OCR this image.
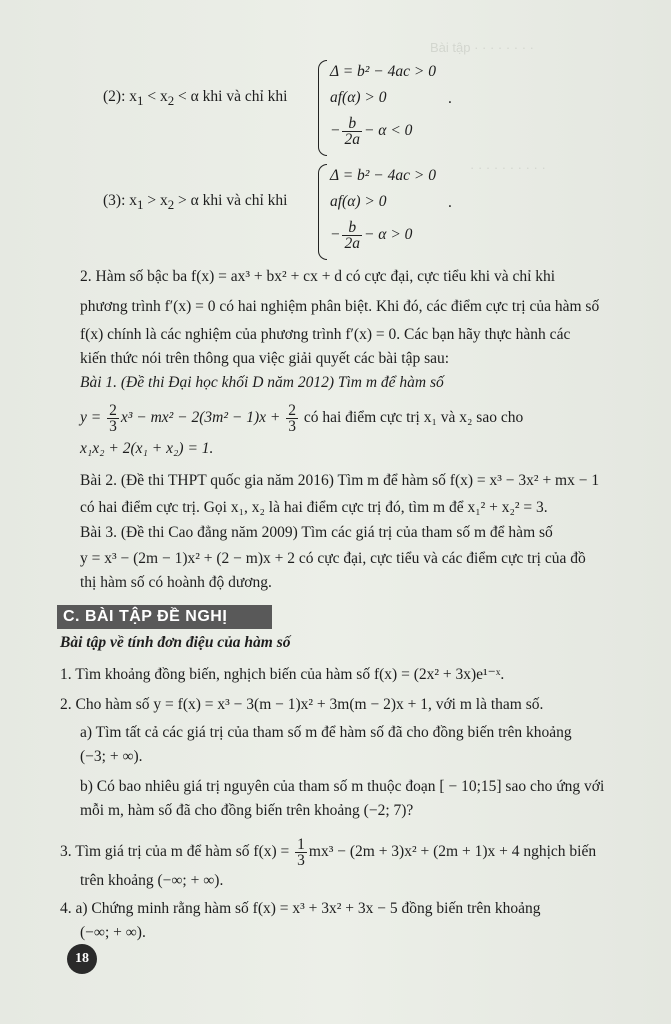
Bài tập · · · · · · · ·
· · · · · · · · · ·
(2): $x_1 < x_2 < \alpha$ khi và chỉ khi
Δ = b² − 4ac > 0
af(α) > 0
− $\frac{b}{2a} - \alpha < 0$
.
(3): $x_1 > x_2 > \alpha$ khi và chỉ khi
Δ = b² − 4ac > 0
af(α) > 0
− $\frac{b}{2a} - \alpha > 0$
.
2. Hàm số bậc ba f(x) = ax³ + bx² + cx + d có cực đại, cực tiểu khi và chỉ khi
phương trình f′(x) = 0 có hai nghiệm phân biệt. Khi đó, các điểm cực trị của hàm số
f(x) chính là các nghiệm của phương trình f′(x) = 0. Các bạn hãy thực hành các
kiến thức nói trên thông qua việc giải quyết các bài tập sau:
Bài 1. (Đề thi Đại học khối D năm 2012) Tìm m để hàm số
$y = \frac{2}{3} x^3 - mx^2 - 2(3m^2 - 1)x + \frac{2}{3}$ có hai điểm cực trị x₁ và x₂ sao cho
x₁x₂ + 2(x₁ + x₂) = 1.
Bài 2. (Đề thi THPT quốc gia năm 2016) Tìm m để hàm số f(x) = x³ − 3x² + mx − 1
có hai điểm cực trị. Gọi x₁, x₂ là hai điểm cực trị đó, tìm m để x₁² + x₂² = 3.
Bài 3. (Đề thi Cao đẳng năm 2009) Tìm các giá trị của tham số m để hàm số
y = x³ − (2m − 1)x² + (2 − m)x + 2 có cực đại, cực tiểu và các điểm cực trị của đồ
thị hàm số có hoành độ dương.
C. BÀI TẬP ĐỀ NGHỊ
Bài tập về tính đơn điệu của hàm số
1. Tìm khoảng đồng biến, nghịch biến của hàm số f(x) = (2x² + 3x)e¹⁻ˣ.
2. Cho hàm số y = f(x) = x³ − 3(m − 1)x² + 3m(m − 2)x + 1, với m là tham số.
a) Tìm tất cả các giá trị của tham số m để hàm số đã cho đồng biến trên khoảng
(−3; + ∞).
b) Có bao nhiêu giá trị nguyên của tham số m thuộc đoạn [ − 10;15] sao cho ứng với
mỗi m, hàm số đã cho đồng biến trên khoảng (−2; 7)?
3. Tìm giá trị của m để hàm số $f(x) = \frac{1}{3} mx^3 - (2m + 3)x^2 + (2m + 1)x + 4$ nghịch biến
trên khoảng (−∞; + ∞).
4. a) Chứng minh rằng hàm số f(x) = x³ + 3x² + 3x − 5 đồng biến trên khoảng
(−∞; + ∞).
18
